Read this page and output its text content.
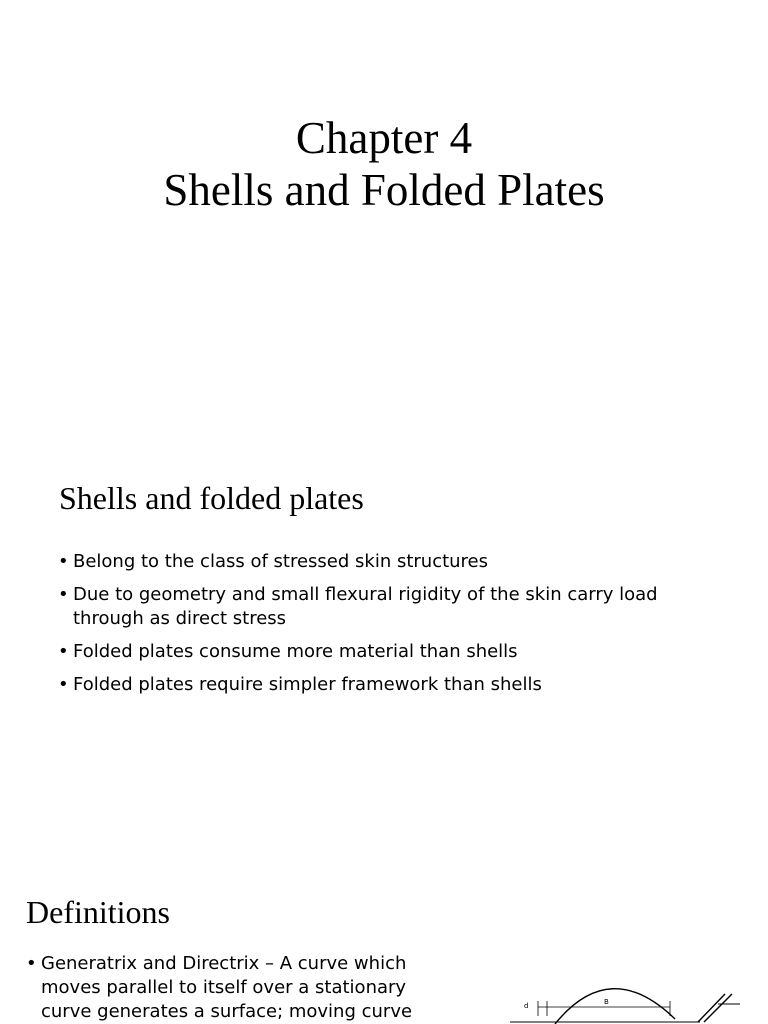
Chapter 4
Shells and Folded Plates
Shells and folded plates
• Belong to the class of stressed skin structures
• Due to geometry and small flexural rigidity of the skin carry load through as direct stress
• Folded plates consume more material than shells
• Folded plates require simpler framework than shells
Definitions
• Generatrix and Directrix – A curve which moves parallel to itself over a stationary curve generates a surface; moving curve	d	B
